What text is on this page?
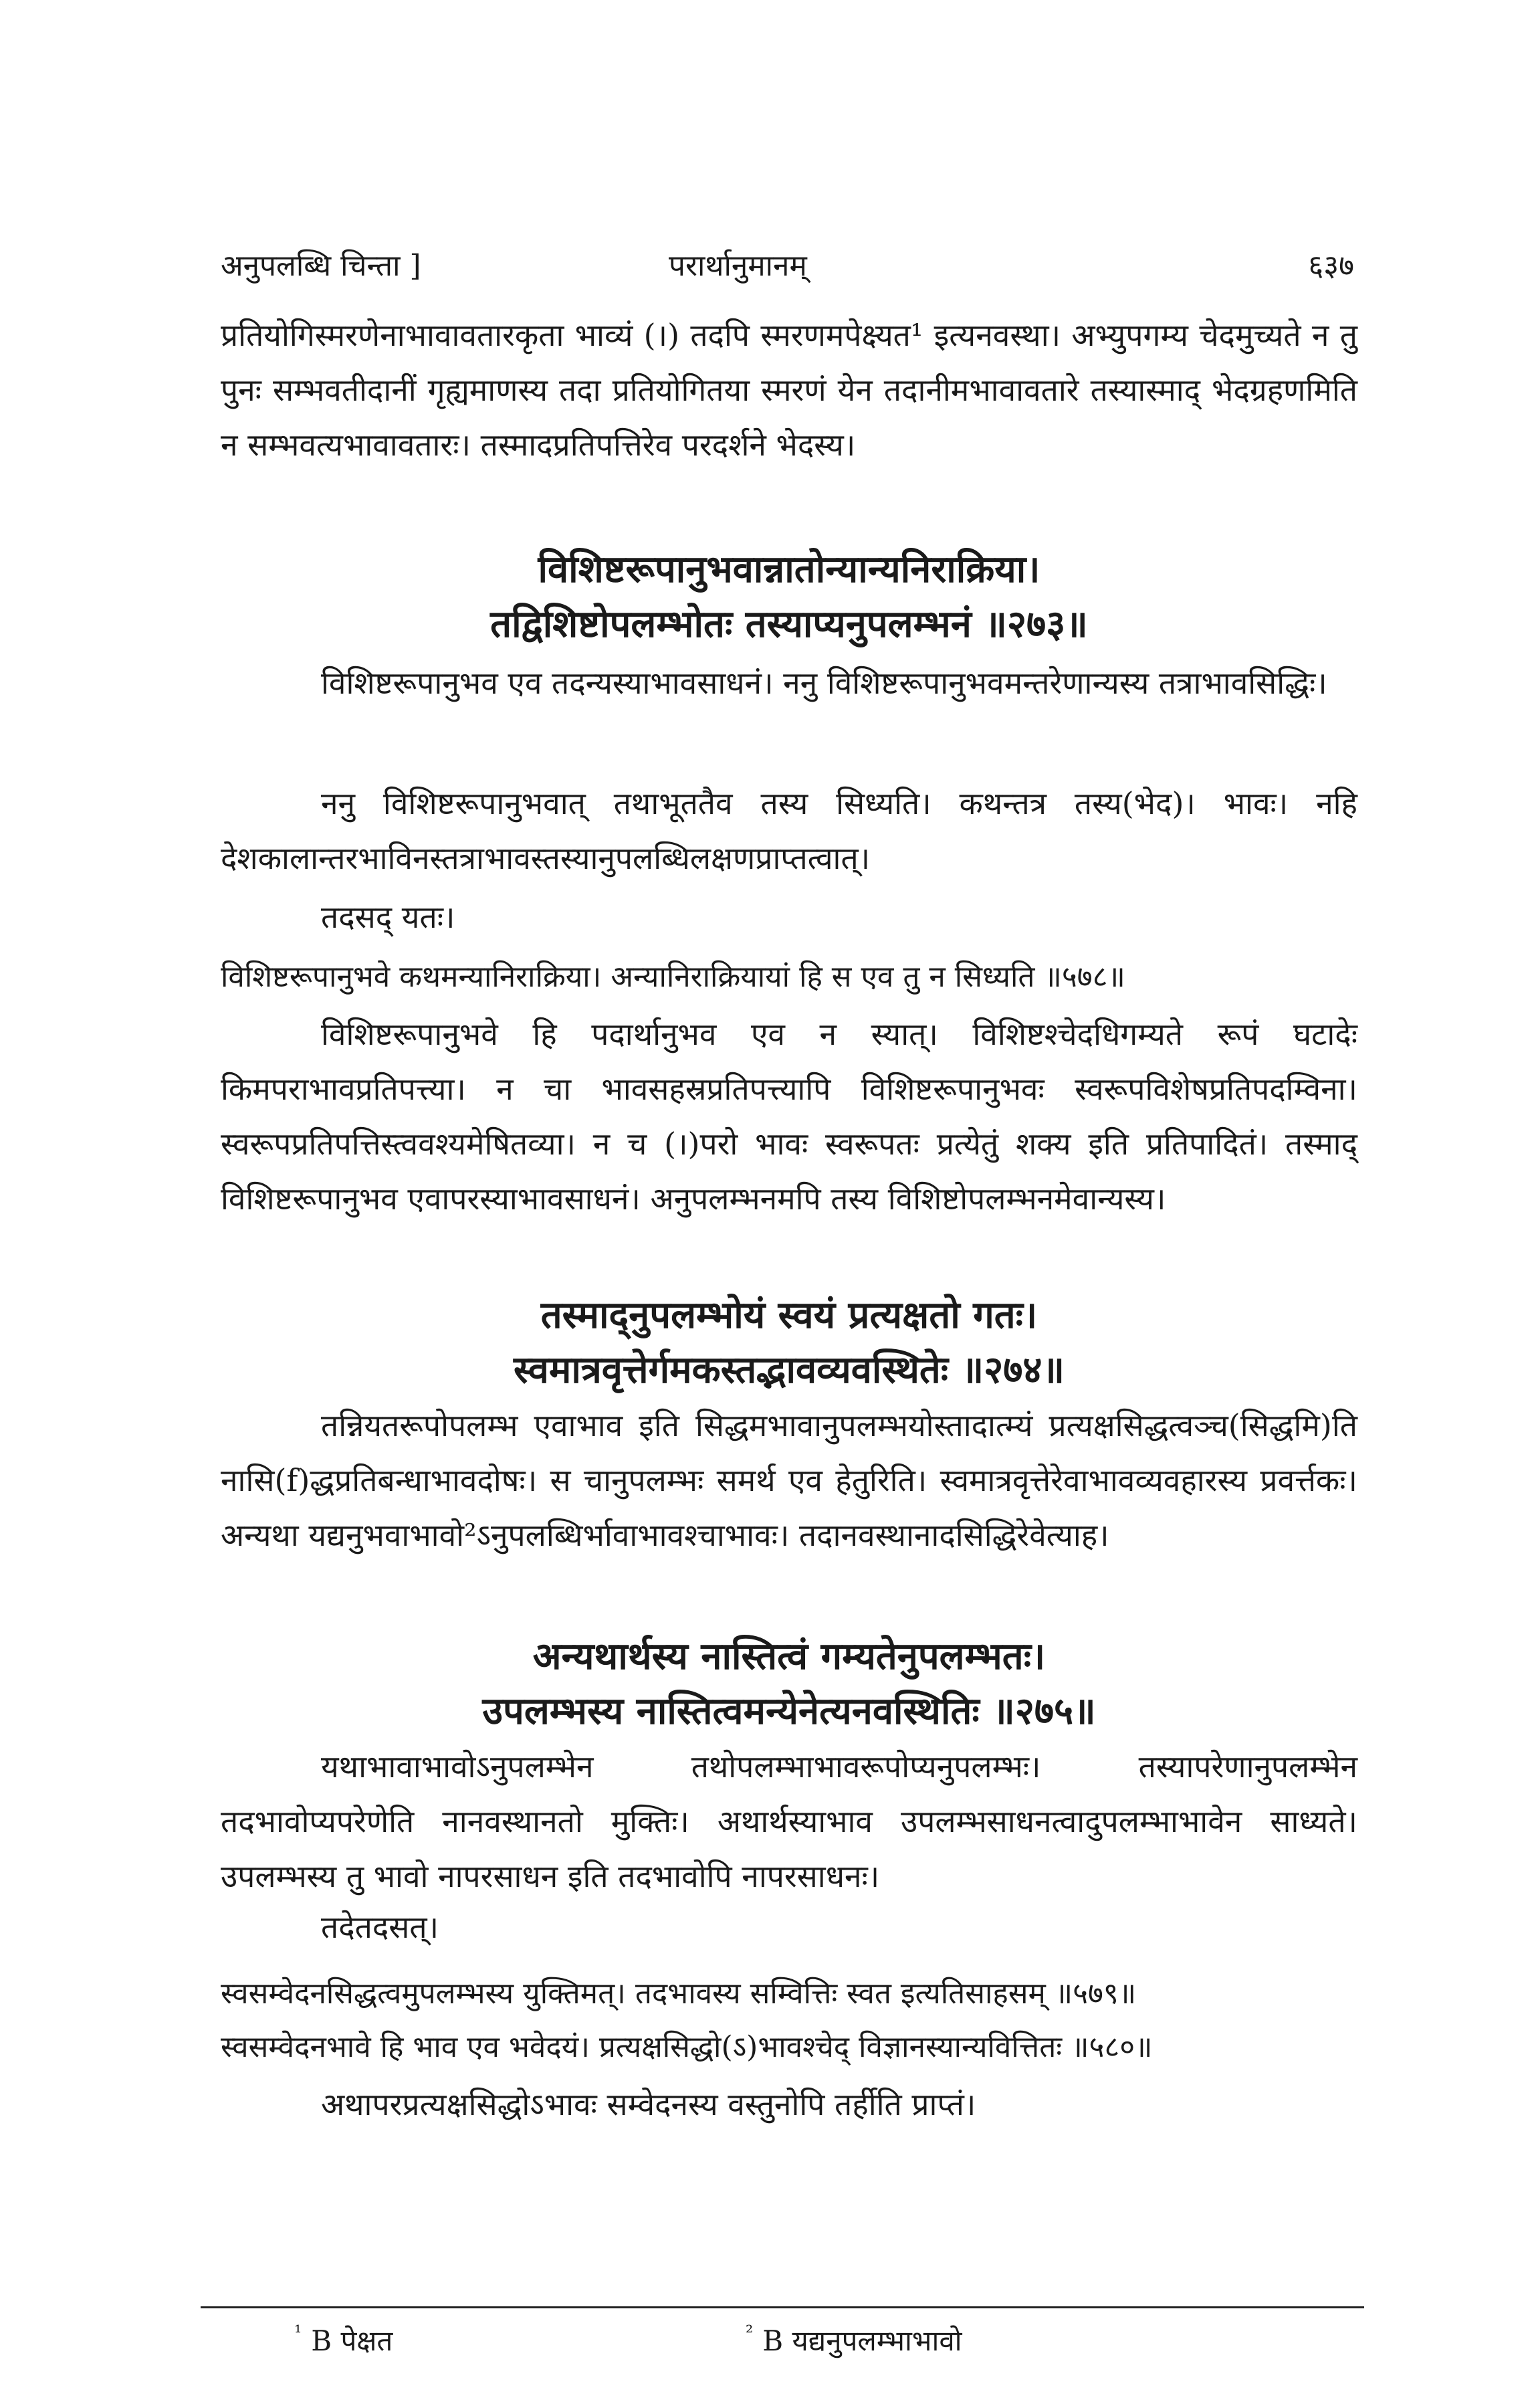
अनुपलब्धि चिन्ता ]	परार्थानुमानम्	६३७

प्रतियोगिस्मरणेनाभावावतारकृता भाव्यं (।) तदपि स्मरणमपेक्ष्यत¹ इत्यनवस्था। अभ्युपगम्य चेदमुच्यते न तु पुनः सम्भवतीदानीं गृह्यमाणस्य तदा प्रतियोगितया स्मरणं येन तदानीमभावावतारे तस्यास्माद् भेदग्रहणमिति न सम्भवत्यभावावतारः। तस्मादप्रतिपत्तिरेव परदर्शने भेदस्य।

विशिष्टरूपानुभवान्नातोन्यान्यनिराक्रिया।
तद्विशिष्टोपलम्भोतः तस्याप्यनुपलम्भनं ॥२७३॥

विशिष्टरूपानुभव एव तदन्यस्याभावसाधनं। ननु विशिष्टरूपानुभवमन्तरेणान्यस्य तत्राभावसिद्धिः।

ननु विशिष्टरूपानुभवात् तथाभूततैव तस्य सिध्यति। कथन्तत्र तस्य(भेद)। भावः। नहि देशकालान्तरभाविनस्तत्राभावस्तस्यानुपलब्धिलक्षणप्राप्तत्वात्।

तदसद् यतः।

विशिष्टरूपानुभवे कथमन्यानिराक्रिया। अन्यानिराक्रियायां हि स एव तु न सिध्यति ॥५७८॥

विशिष्टरूपानुभवे हि पदार्थानुभव एव न स्यात्। विशिष्टश्चेदधिगम्यते रूपं घटादेः किमपराभावप्रतिपत्त्या। न चा भावसहस्रप्रतिपत्त्यापि विशिष्टरूपानुभवः स्वरूपविशेषप्रतिपदम्विना। स्वरूपप्रतिपत्तिस्त्ववश्यमेषितव्या। न च (।)परो भावः स्वरूपतः प्रत्येतुं शक्य इति प्रतिपादितं। तस्माद् विशिष्टरूपानुभव एवापरस्याभावसाधनं। अनुपलम्भनमपि तस्य विशिष्टोपलम्भनमेवान्यस्य।

तस्माद्नुपलम्भोयं स्वयं प्रत्यक्षतो गतः।
स्वमात्रवृत्तेर्गमकस्तद्भावव्यवस्थितेः ॥२७४॥

तन्नियतरूपोपलम्भ एवाभाव इति सिद्धमभावानुपलम्भयोस्तादात्म्यं प्रत्यक्षसिद्धत्वञ्च(सिद्धमि)ति नासि(f)द्धप्रतिबन्धाभावदोषः। स चानुपलम्भः समर्थ एव हेतुरिति। स्वमात्रवृत्तेरेवाभावव्यवहारस्य प्रवर्त्तकः। अन्यथा यद्यनुभवाभावो²ऽनुपलब्धिर्भावाभावश्चाभावः। तदानवस्थानादसिद्धिरेवेत्याह।

अन्यथार्थस्य नास्तित्वं गम्यतेनुपलम्भतः।
उपलम्भस्य नास्तित्वमन्येनेत्यनवस्थितिः ॥२७५॥

यथाभावाभावोऽनुपलम्भेन तथोपलम्भाभावरूपोप्यनुपलम्भः। तस्यापरेणानुपलम्भेन तदभावोप्यपरेणेति नानवस्थानतो मुक्तिः। अथार्थस्याभाव उपलम्भसाधनत्वादुपलम्भाभावेन साध्यते। उपलम्भस्य तु भावो नापरसाधन इति तदभावोपि नापरसाधनः।

तदेतदसत्।

स्वसम्वेदनसिद्धत्वमुपलम्भस्य युक्तिमत्। तदभावस्य सम्वित्तिः स्वत इत्यतिसाहसम् ॥५७९॥

स्वसम्वेदनभावे हि भाव एव भवेदयं। प्रत्यक्षसिद्धो(ऽ)भावश्चेद् विज्ञानस्यान्यवित्तितः ॥५८०॥

अथापरप्रत्यक्षसिद्धोऽभावः सम्वेदनस्य वस्तुनोपि तर्हीति प्राप्तं।

$^{^1}$ B पेक्षत	$^{^2}$ B यद्यनुपलम्भाभावो
